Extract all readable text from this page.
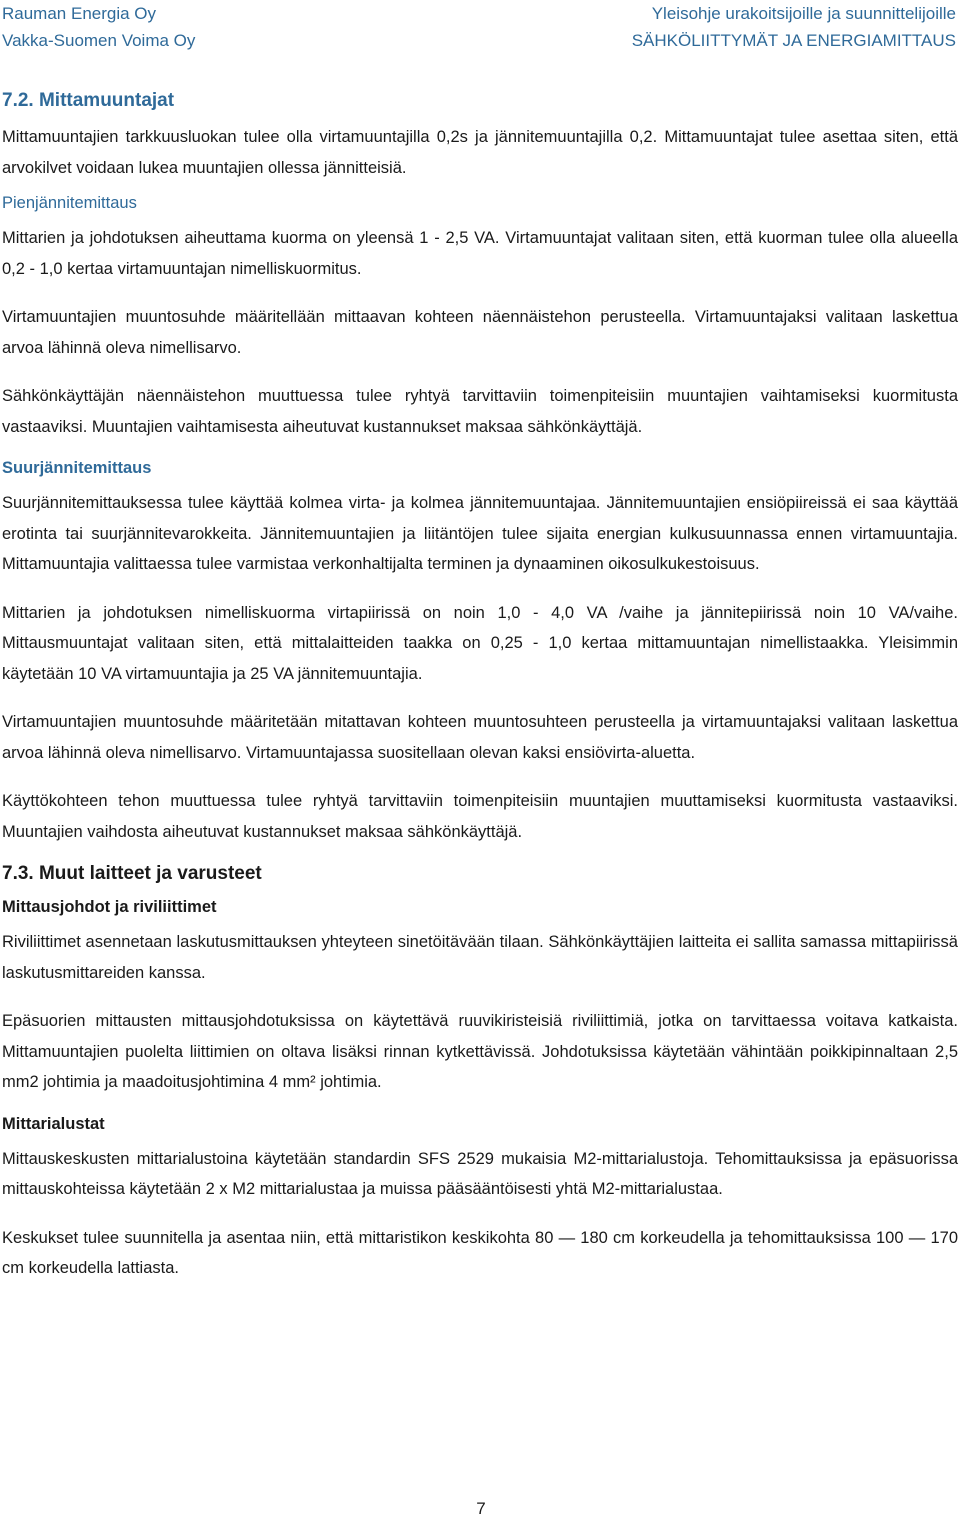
Rauman Energia Oy
Vakka-Suomen Voima Oy
Yleisohje urakoitsijoille ja suunnittelijoille
SÄHKÖLIITTYMÄT JA ENERGIAMITTAUS
7.2. Mittamuuntajat

Mittamuuntajien tarkkuusluokan tulee olla virtamuuntajilla 0,2s ja jännitemuuntajilla 0,2. Mittamuuntajat tulee asettaa siten, että arvokilvet voidaan lukea muuntajien ollessa jännitteisiä.

Pienjännitemittaus

Mittarien ja johdotuksen aiheuttama kuorma on yleensä 1 - 2,5 VA. Virtamuuntajat valitaan siten, että kuorman tulee olla alueella 0,2 - 1,0 kertaa virtamuuntajan nimelliskuormitus.

Virtamuuntajien muuntosuhde määritellään mittaavan kohteen näennäistehon perusteella. Virtamuuntajaksi valitaan laskettua arvoa lähinnä oleva nimellisarvo.

Sähkönkäyttäjän näennäistehon muuttuessa tulee ryhtyä tarvittaviin toimenpiteisiin muuntajien vaihtamiseksi kuormitusta vastaaviksi. Muuntajien vaihtamisesta aiheutuvat kustannukset maksaa sähkönkäyttäjä.

Suurjännitemittaus

Suurjännitemittauksessa tulee käyttää kolmea virta- ja kolmea jännitemuuntajaa. Jännitemuuntajien ensiöpiireissä ei saa käyttää erotinta tai suurjännitevarokkeita. Jännitemuuntajien ja liitäntöjen tulee sijaita energian kulkusuunnassa ennen virtamuuntajia. Mittamuuntajia valittaessa tulee varmistaa verkonhaltijalta terminen ja dynaaminen oikosulkukestoisuus.

Mittarien ja johdotuksen nimelliskuorma virtapiirissä on noin 1,0 - 4,0 VA /vaihe ja jännitepiirissä noin 10 VA/vaihe. Mittausmuuntajat valitaan siten, että mittalaitteiden taakka on 0,25 - 1,0 kertaa mittamuuntajan nimellistaakka. Yleisimmin käytetään 10 VA virtamuuntajia ja 25 VA jännitemuuntajia.

Virtamuuntajien muuntosuhde määritetään mitattavan kohteen muuntosuhteen perusteella ja virtamuuntajaksi valitaan laskettua arvoa lähinnä oleva nimellisarvo. Virtamuuntajassa suositellaan olevan kaksi ensiövirta-aluetta.

Käyttökohteen tehon muuttuessa tulee ryhtyä tarvittaviin toimenpiteisiin muuntajien muuttamiseksi kuormitusta vastaaviksi. Muuntajien vaihdosta aiheutuvat kustannukset maksaa sähkönkäyttäjä.

7.3. Muut laitteet ja varusteet
Mittausjohdot ja riviliittimet

Riviliittimet asennetaan laskutusmittauksen yhteyteen sinetöitävään tilaan. Sähkönkäyttäjien laitteita ei sallita samassa mittapiirissä laskutusmittareiden kanssa.

Epäsuorien mittausten mittausjohdotuksissa on käytettävä ruuvikiristeisiä riviliittimiä, jotka on tarvittaessa voitava katkaista. Mittamuuntajien puolelta liittimien on oltava lisäksi rinnan kytkettävissä. Johdotuksissa käytetään vähintään poikkipinnaltaan 2,5 mm2 johtimia ja maadoitusjohtimina 4 mm² johtimia.

Mittarialustat

Mittauskeskusten mittarialustoina käytetään standardin SFS 2529 mukaisia M2-mittarialustoja. Tehomittauksissa ja epäsuorissa mittauskohteissa käytetään 2 x M2 mittarialustaa ja muissa pääsääntöisesti yhtä M2-mittarialustaa.

Keskukset tulee suunnitella ja asentaa niin, että mittaristikon keskikohta 80 — 180 cm korkeudella ja tehomittauksissa 100 — 170 cm korkeudella lattiasta.

7
